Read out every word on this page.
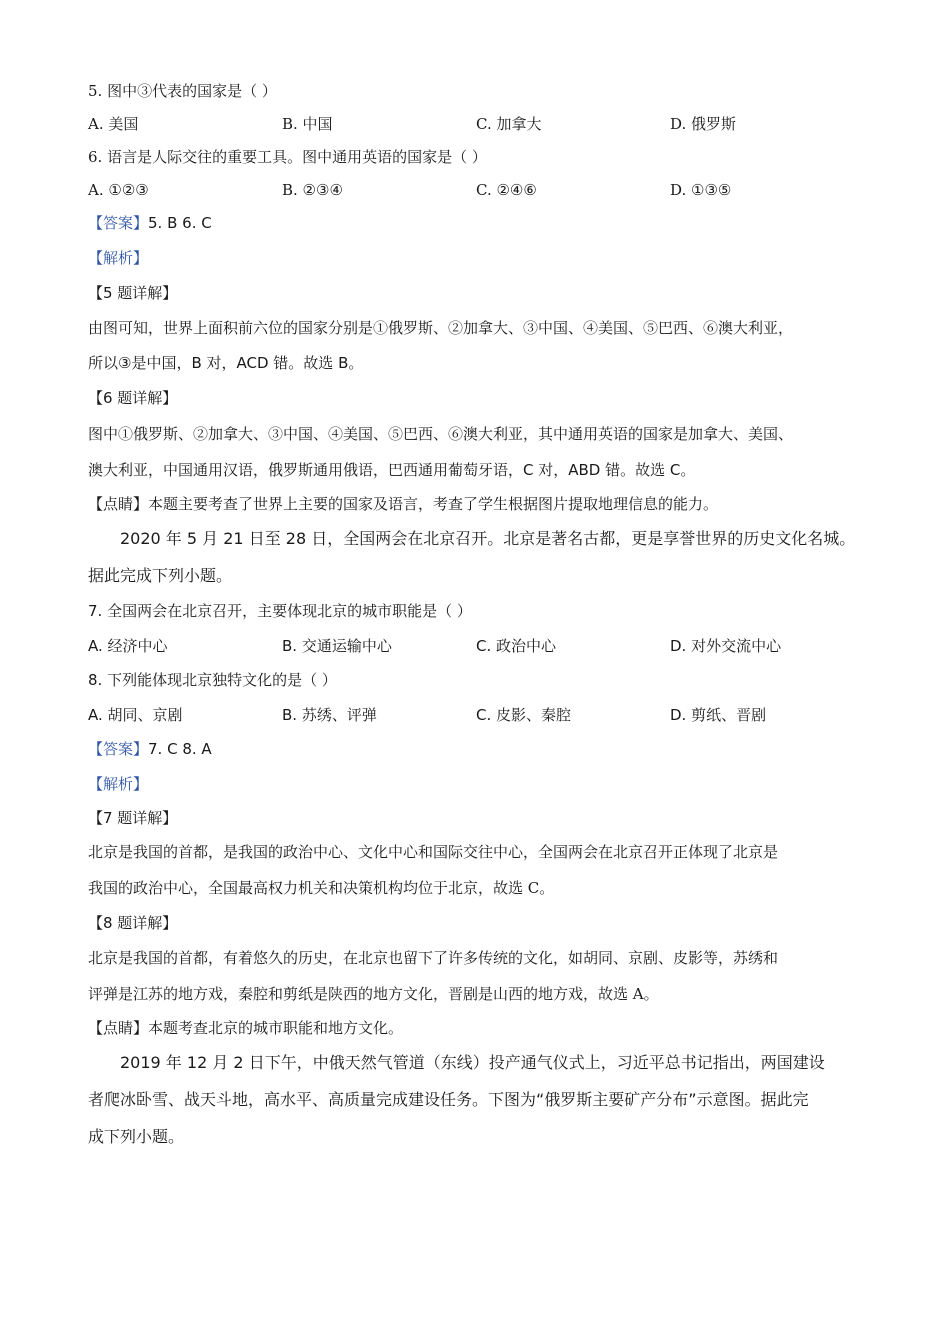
5. 图中③代表的国家是（ ）
A. 美国	B. 中国	C. 加拿大	D. 俄罗斯
6. 语言是人际交往的重要工具。图中通用英语的国家是（ ）
A. ①②③	B. ②③④	C. ②④⑥	D. ①③⑤
【答案】5. B 6. C
【解析】
【5 题详解】
由图可知，世界上面积前六位的国家分别是①俄罗斯、②加拿大、③中国、④美国、⑤巴西、⑥澳大利亚，
所以③是中国，B 对，ACD 错。故选 B。
【6 题详解】
图中①俄罗斯、②加拿大、③中国、④美国、⑤巴西、⑥澳大利亚，其中通用英语的国家是加拿大、美国、
澳大利亚，中国通用汉语，俄罗斯通用俄语，巴西通用葡萄牙语，C 对，ABD 错。故选 C。
【点睛】本题主要考查了世界上主要的国家及语言，考查了学生根据图片提取地理信息的能力。
2020 年 5 月 21 日至 28 日，全国两会在北京召开。北京是著名古都，更是享誉世界的历史文化名城。
据此完成下列小题。
7. 全国两会在北京召开，主要体现北京的城市职能是（ ）
A. 经济中心	B. 交通运输中心	C. 政治中心	D. 对外交流中心
8. 下列能体现北京独特文化的是（ ）
A. 胡同、京剧	B. 苏绣、评弹	C. 皮影、秦腔	D. 剪纸、晋剧
【答案】7. C 8. A
【解析】
【7 题详解】
北京是我国的首都，是我国的政治中心、文化中心和国际交往中心，全国两会在北京召开正体现了北京是
我国的政治中心，全国最高权力机关和决策机构均位于北京，故选 C。
【8 题详解】
北京是我国的首都，有着悠久的历史，在北京也留下了许多传统的文化，如胡同、京剧、皮影等，苏绣和
评弹是江苏的地方戏，秦腔和剪纸是陕西的地方文化，晋剧是山西的地方戏，故选 A。
【点睛】本题考查北京的城市职能和地方文化。
2019 年 12 月 2 日下午，中俄天然气管道（东线）投产通气仪式上，习近平总书记指出，两国建设
者爬冰卧雪、战天斗地，高水平、高质量完成建设任务。下图为“俄罗斯主要矿产分布”示意图。据此完
成下列小题。
